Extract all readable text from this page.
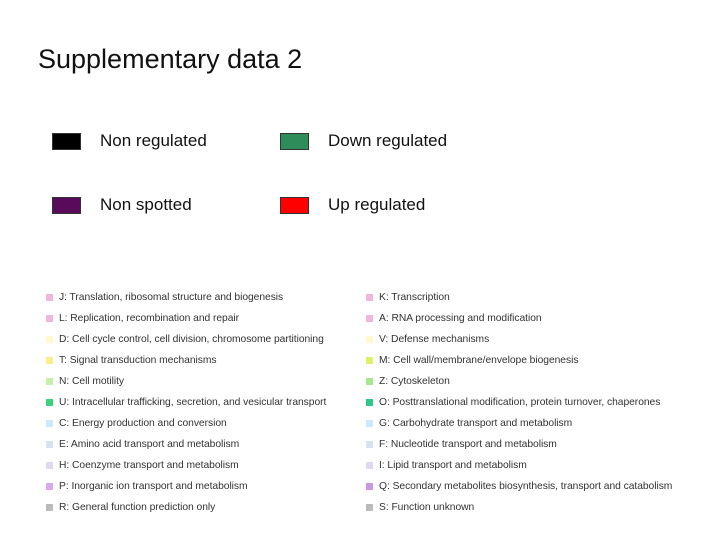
Supplementary data 2
Non regulated	Down regulated
Non spotted	Up regulated
J: Translation, ribosomal structure and biogenesis
L: Replication, recombination and repair
D: Cell cycle control, cell division, chromosome partitioning
T: Signal transduction mechanisms
N: Cell motility
U: Intracellular trafficking, secretion, and vesicular transport
C: Energy production and conversion
E: Amino acid transport and metabolism
H: Coenzyme transport and metabolism
P: Inorganic ion transport and metabolism
R: General function prediction only
K: Transcription
A: RNA processing and modification
V: Defense mechanisms
M: Cell wall/membrane/envelope biogenesis
Z: Cytoskeleton
O: Posttranslational modification, protein turnover, chaperones
G: Carbohydrate transport and metabolism
F: Nucleotide transport and metabolism
I: Lipid transport and metabolism
Q: Secondary metabolites biosynthesis, transport and catabolism
S: Function unknown
